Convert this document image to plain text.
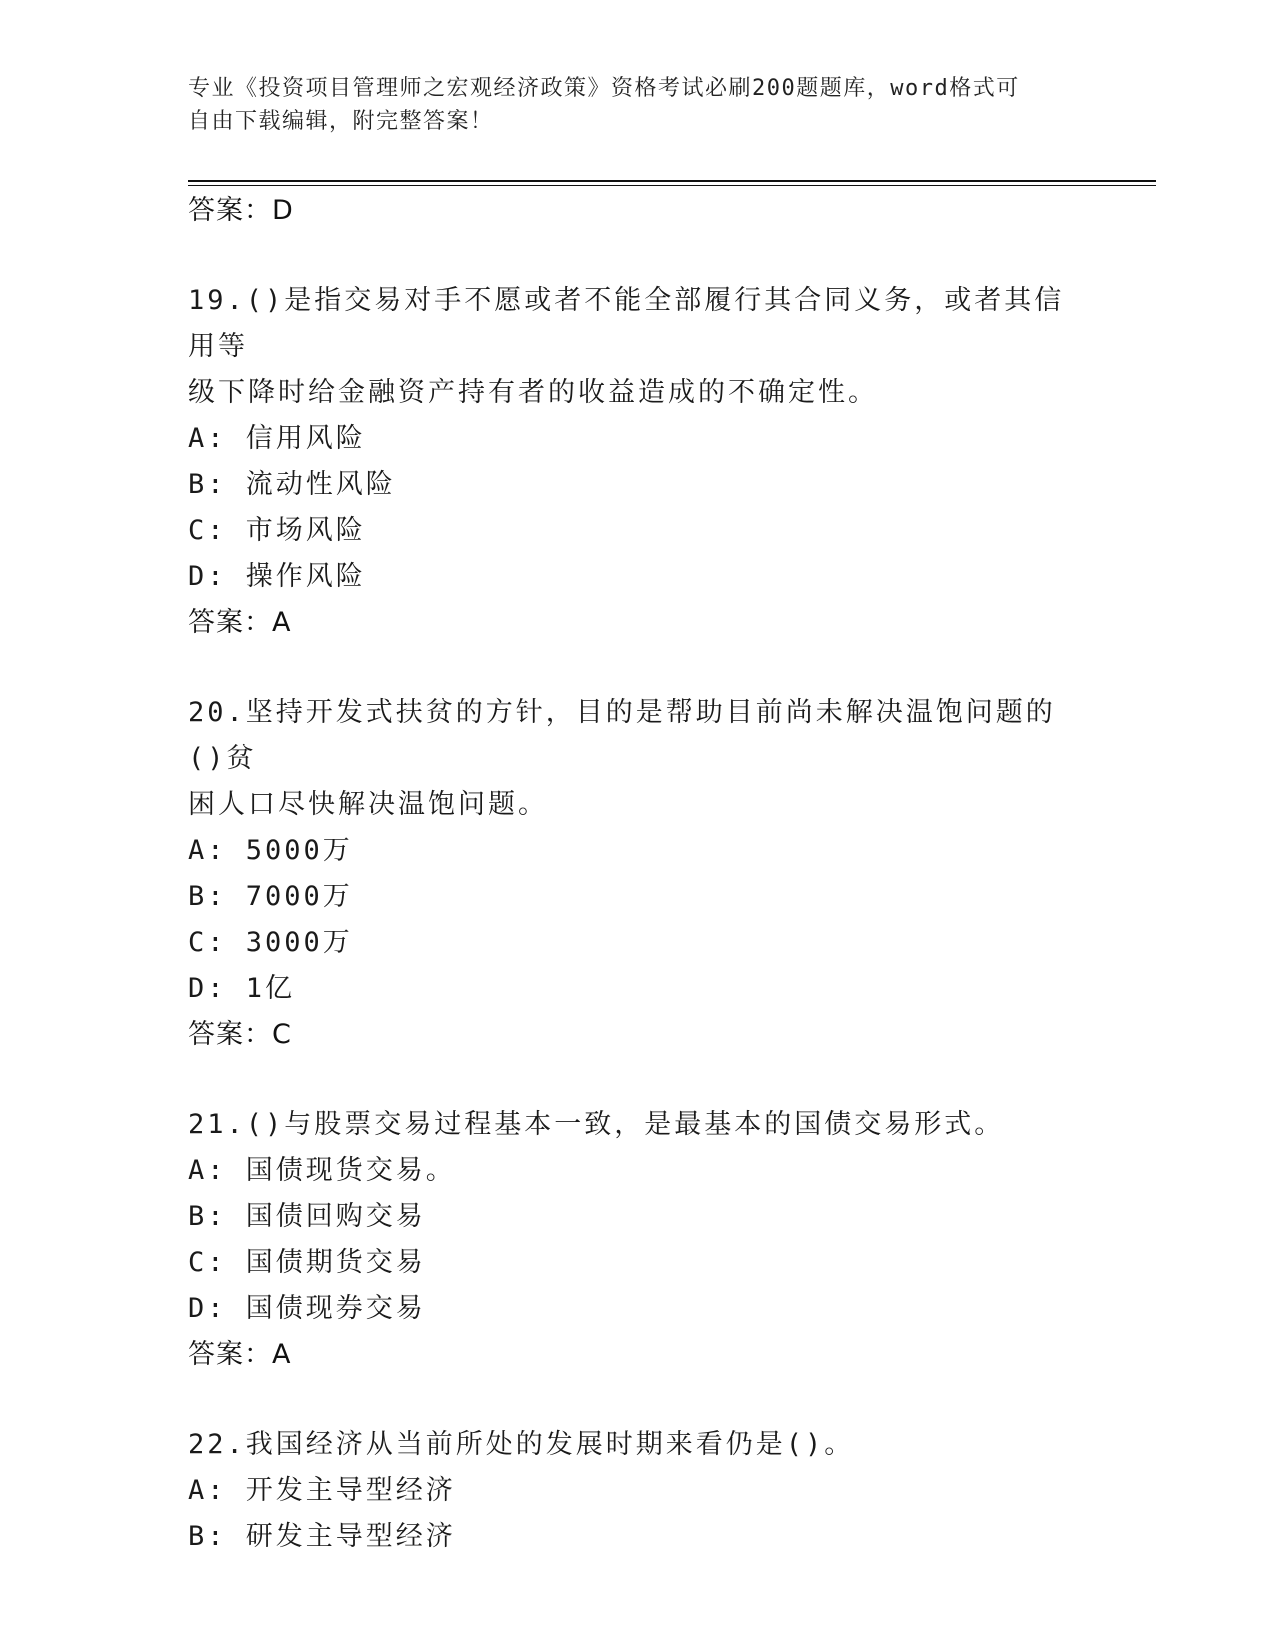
专业《投资项目管理师之宏观经济政策》资格考试必刷200题题库，word格式可
自由下载编辑，附完整答案！

答案：D

19.()是指交易对手不愿或者不能全部履行其合同义务，或者其信用等

级下降时给金融资产持有者的收益造成的不确定性。

A: 信用风险

B: 流动性风险

C: 市场风险

D: 操作风险

答案：A

20.坚持开发式扶贫的方针，目的是帮助目前尚未解决温饱问题的()贫

困人口尽快解决温饱问题。

A: 5000万

B: 7000万

C: 3000万

D: 1亿

答案：C

21.()与股票交易过程基本一致，是最基本的国债交易形式。

A: 国债现货交易。

B: 国债回购交易

C: 国债期货交易

D: 国债现券交易

答案：A

22.我国经济从当前所处的发展时期来看仍是()。

A: 开发主导型经济

B: 研发主导型经济
